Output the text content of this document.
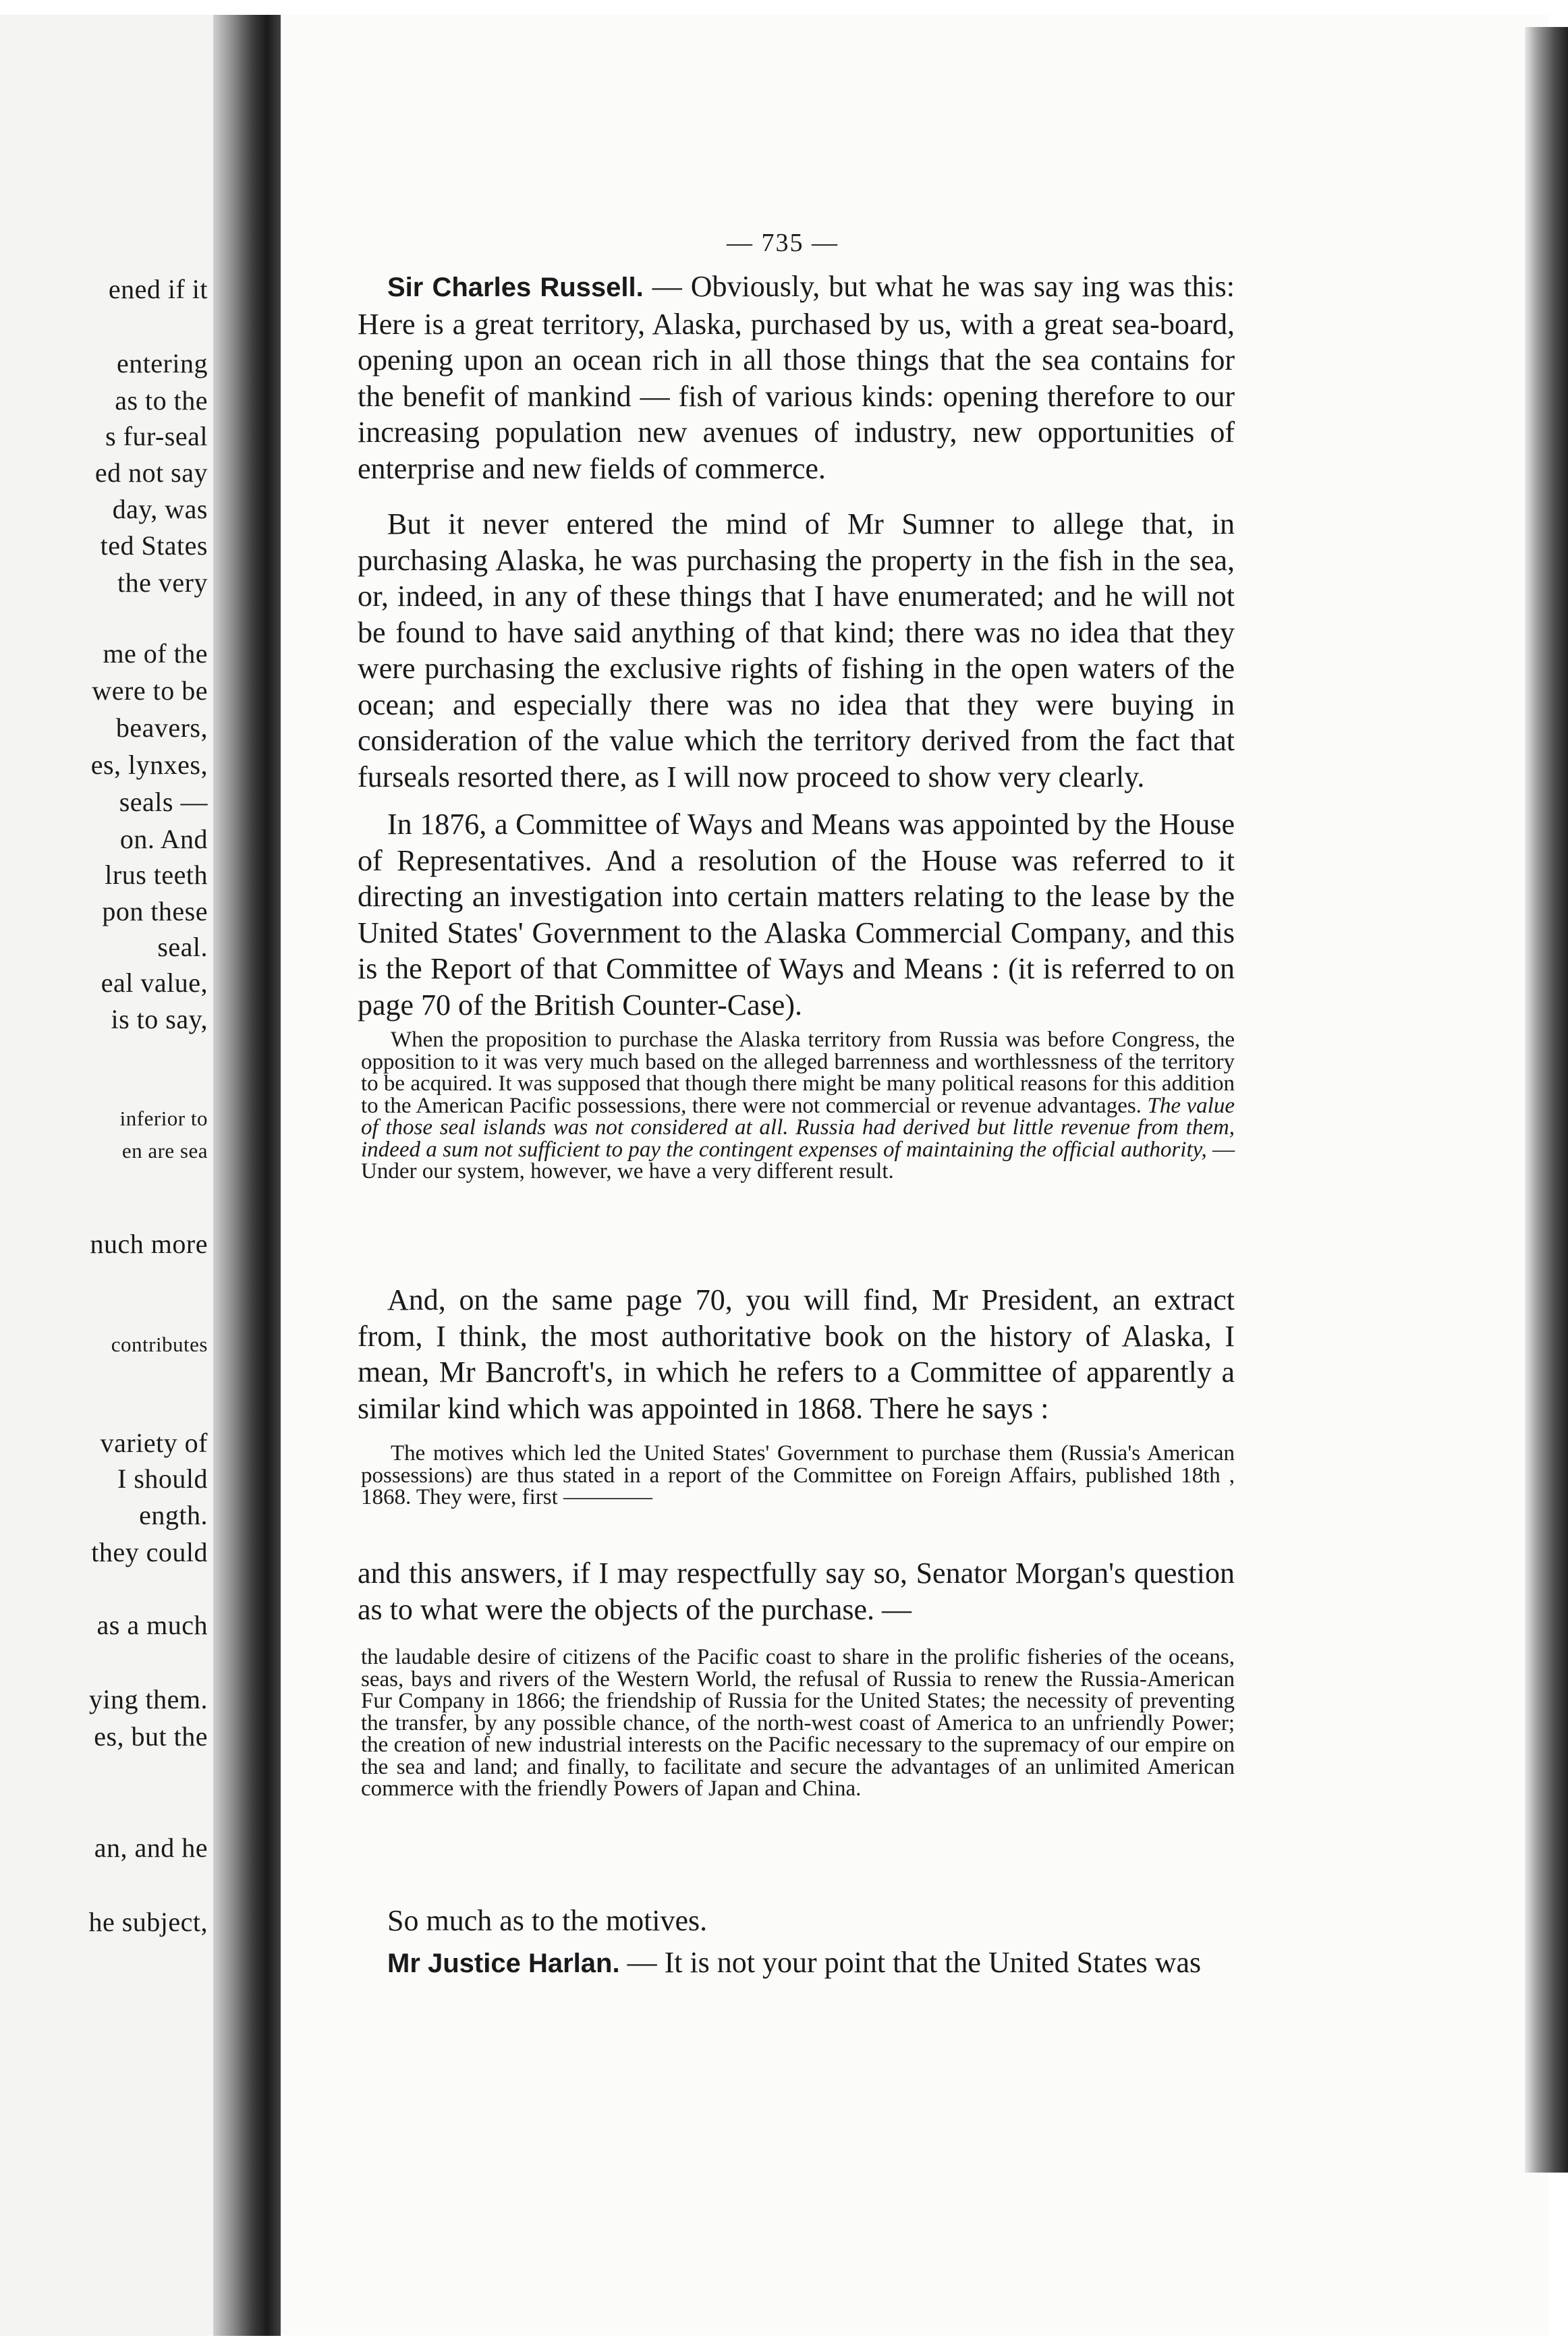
ened if it
entering
as to the
s fur-seal
ed not say
day, was
ted States
the very
me of the
were to be
beavers,
es, lynxes,
seals —
on. And
lrus teeth
pon these
seal.
eal value,
is to say,
inferior to
en are sea
nuch more
contributes
variety of
I should
ength.
they could
as a much
ying them.
es, but the
an, and he
he subject,
— 735 —

Sir Charles Russell. — Obviously, but what he was say ing was this: Here is a great territory, Alaska, purchased by us, with a great sea-board, opening upon an ocean rich in all those things that the sea contains for the benefit of mankind — fish of various kinds: opening therefore to our increasing population new avenues of industry, new opportunities of enterprise and new fields of commerce.

But it never entered the mind of Mr Sumner to allege that, in purchasing Alaska, he was purchasing the property in the fish in the sea, or, indeed, in any of these things that I have enumerated; and he will not be found to have said anything of that kind; there was no idea that they were purchasing the exclusive rights of fishing in the open waters of the ocean; and especially there was no idea that they were buying in consideration of the value which the territory derived from the fact that furseals resorted there, as I will now proceed to show very clearly.

In 1876, a Committee of Ways and Means was appointed by the House of Representatives. And a resolution of the House was referred to it directing an investigation into certain matters relating to the lease by the United States' Government to the Alaska Commercial Company, and this is the Report of that Committee of Ways and Means : (it is referred to on page 70 of the British Counter-Case).

When the proposition to purchase the Alaska territory from Russia was before Congress, the opposition to it was very much based on the alleged barrenness and worthlessness of the territory to be acquired. It was supposed that though there might be many political reasons for this addition to the American Pacific possessions, there were not commercial or revenue advantages. The value of those seal islands was not considered at all. Russia had derived but little revenue from them, indeed a sum not sufficient to pay the contingent expenses of maintaining the official authority, — Under our system, however, we have a very different result.

And, on the same page 70, you will find, Mr President, an extract from, I think, the most authoritative book on the history of Alaska, I mean, Mr Bancroft's, in which he refers to a Committee of apparently a similar kind which was appointed in 1868. There he says :

The motives which led the United States' Government to purchase them (Russia's American possessions) are thus stated in a report of the Committee on Foreign Affairs, published 18th , 1868. They were, first ————

and this answers, if I may respectfully say so, Senator Morgan's question as to what were the objects of the purchase. —

the laudable desire of citizens of the Pacific coast to share in the prolific fisheries of the oceans, seas, bays and rivers of the Western World, the refusal of Russia to renew the Russia-American Fur Company in 1866; the friendship of Russia for the United States; the necessity of preventing the transfer, by any possible chance, of the north-west coast of America to an unfriendly Power; the creation of new industrial interests on the Pacific necessary to the supremacy of our empire on the sea and land; and finally, to facilitate and secure the advantages of an unlimited American commerce with the friendly Powers of Japan and China.

So much as to the motives.

Mr Justice Harlan. — It is not your point that the United States was
